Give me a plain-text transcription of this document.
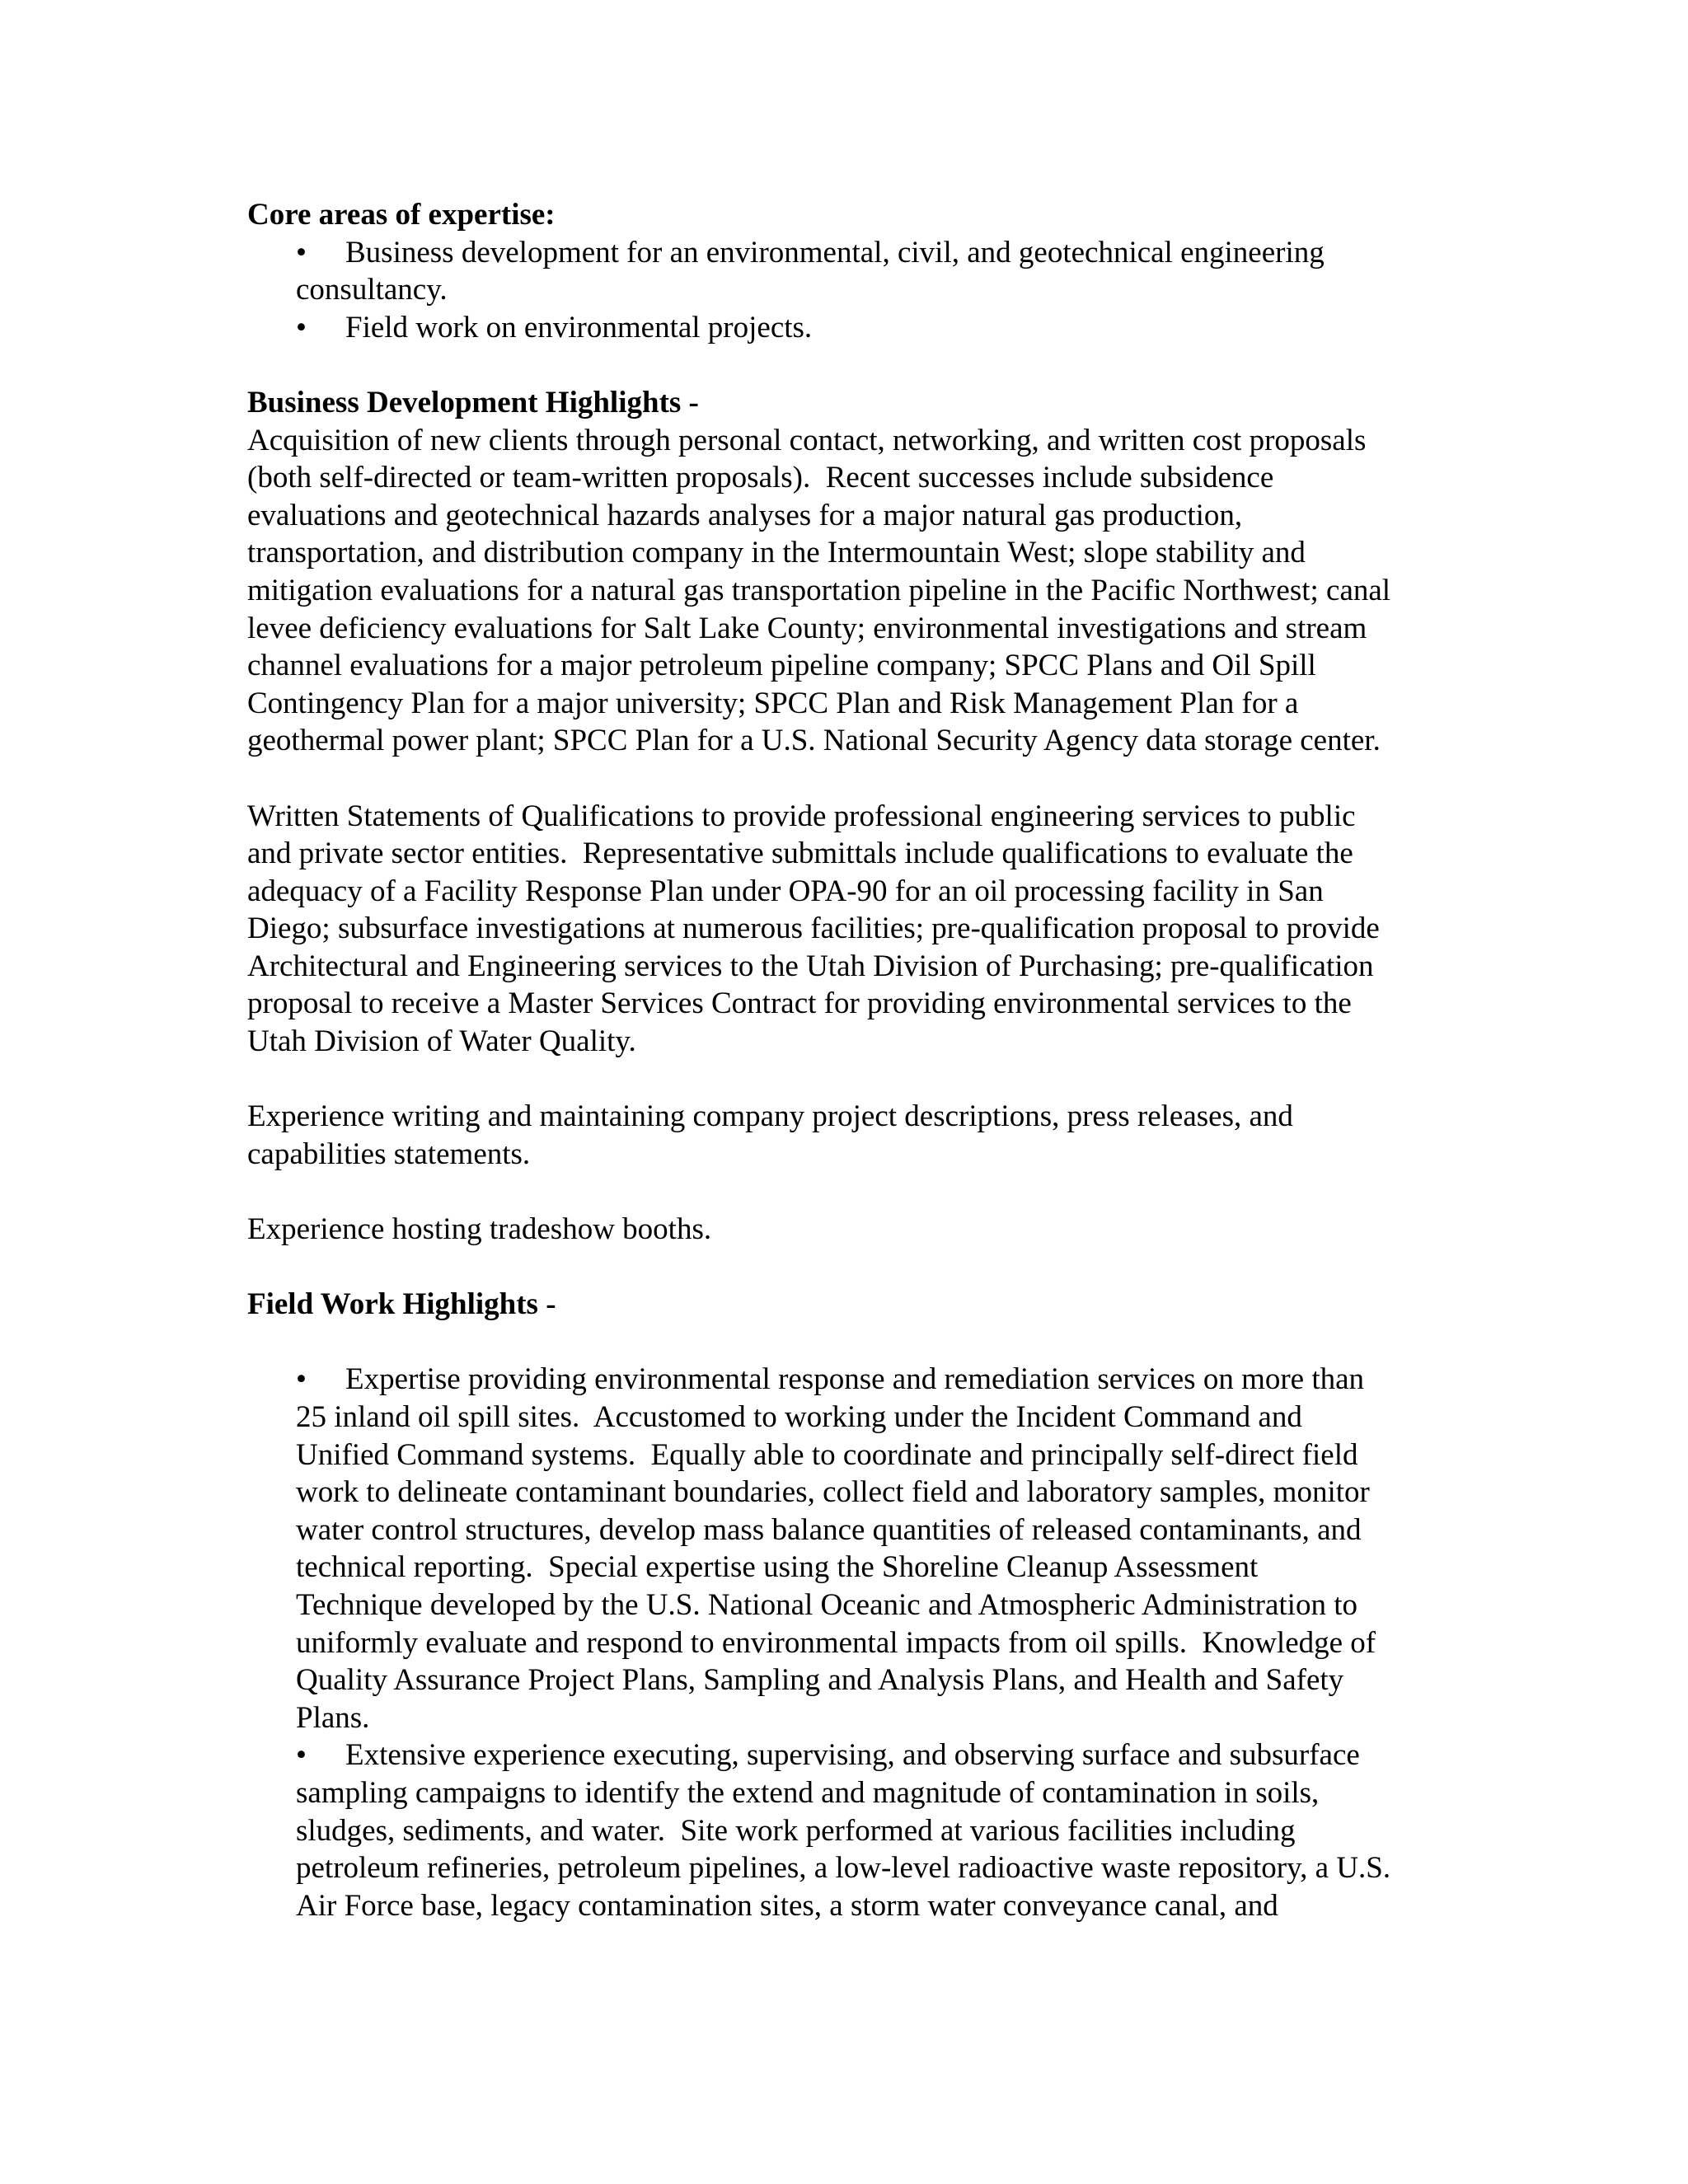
Core areas of expertise:
• Business development for an environmental, civil, and geotechnical engineering
consultancy.
• Field work on environmental projects.
Business Development Highlights -
Acquisition of new clients through personal contact, networking, and written cost proposals
(both self-directed or team-written proposals).  Recent successes include subsidence
evaluations and geotechnical hazards analyses for a major natural gas production,
transportation, and distribution company in the Intermountain West; slope stability and
mitigation evaluations for a natural gas transportation pipeline in the Pacific Northwest; canal
levee deficiency evaluations for Salt Lake County; environmental investigations and stream
channel evaluations for a major petroleum pipeline company; SPCC Plans and Oil Spill
Contingency Plan for a major university; SPCC Plan and Risk Management Plan for a
geothermal power plant; SPCC Plan for a U.S. National Security Agency data storage center.
Written Statements of Qualifications to provide professional engineering services to public
and private sector entities.  Representative submittals include qualifications to evaluate the
adequacy of a Facility Response Plan under OPA-90 for an oil processing facility in San
Diego; subsurface investigations at numerous facilities; pre-qualification proposal to provide
Architectural and Engineering services to the Utah Division of Purchasing; pre-qualification
proposal to receive a Master Services Contract for providing environmental services to the
Utah Division of Water Quality.
Experience writing and maintaining company project descriptions, press releases, and
capabilities statements.
Experience hosting tradeshow booths.
Field Work Highlights -
• Expertise providing environmental response and remediation services on more than
25 inland oil spill sites.  Accustomed to working under the Incident Command and
Unified Command systems.  Equally able to coordinate and principally self-direct field
work to delineate contaminant boundaries, collect field and laboratory samples, monitor
water control structures, develop mass balance quantities of released contaminants, and
technical reporting.  Special expertise using the Shoreline Cleanup Assessment
Technique developed by the U.S. National Oceanic and Atmospheric Administration to
uniformly evaluate and respond to environmental impacts from oil spills.  Knowledge of
Quality Assurance Project Plans, Sampling and Analysis Plans, and Health and Safety
Plans.
• Extensive experience executing, supervising, and observing surface and subsurface
sampling campaigns to identify the extend and magnitude of contamination in soils,
sludges, sediments, and water.  Site work performed at various facilities including
petroleum refineries, petroleum pipelines, a low-level radioactive waste repository, a U.S.
Air Force base, legacy contamination sites, a storm water conveyance canal, and
